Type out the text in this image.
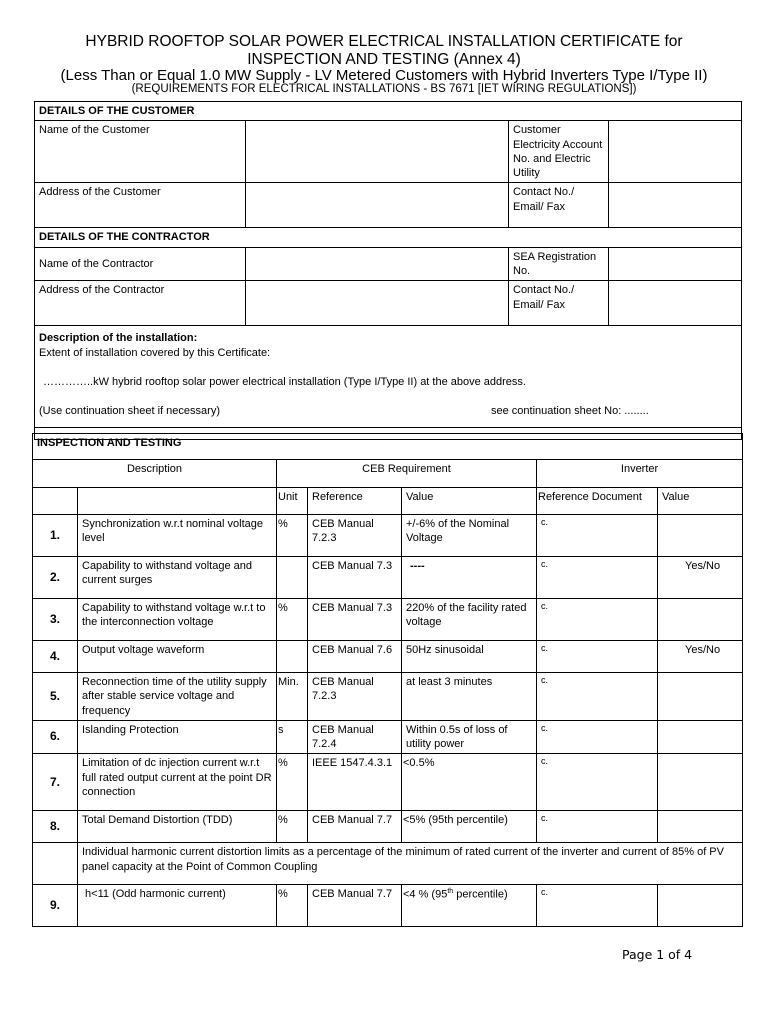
HYBRID ROOFTOP SOLAR POWER ELECTRICAL INSTALLATION CERTIFICATE for
INSPECTION AND TESTING (Annex 4)
(Less Than or Equal 1.0 MW Supply - LV Metered Customers with Hybrid Inverters Type I/Type II)
(REQUIREMENTS FOR ELECTRICAL INSTALLATIONS - BS 7671 [IET WIRING REGULATIONS])
DETAILS OF THE CUSTOMER			
Name of the Customer		Customer Electricity Account No. and Electric Utility	
Address of the Customer		Contact No./ Email/ Fax	
DETAILS OF THE CONTRACTOR			
Name of the Contractor		SEA Registration No.	
Address of the Contractor		Contact No./ Email/ Fax	

Description of the installation:
Extent of installation covered by this Certificate:
…………..kW hybrid rooftop solar power electrical installation (Type I/Type II) at the above address.
(Use continuation sheet if necessary) see continuation sheet No: ........			

INSPECTION AND TESTING						
Description		CEB Requirement			Inverter	
		Unit	Reference	Value	Reference Document	Value
1.	Synchronization w.r.t nominal voltage level	%	CEB Manual 7.2.3	+/-6% of the Nominal Voltage	c.	
2.	Capability to withstand voltage and current surges		CEB Manual 7.3	----	c.	Yes/No
3.	Capability to withstand voltage w.r.t to the interconnection voltage	%	CEB Manual 7.3	220% of the facility rated voltage	c.	
4.	Output voltage waveform		CEB Manual 7.6	50Hz sinusoidal	c.	Yes/No
5.	Reconnection time of the utility supply after stable service voltage and frequency	Min.	CEB Manual 7.2.3	at least 3 minutes	c.	
6.	Islanding Protection	s	CEB Manual 7.2.4	Within 0.5s of loss of utility power	c.	
7.	Limitation of dc injection current w.r.t full rated output current at the point DR connection	%	IEEE 1547.4.3.1	<0.5%	c.	
8.	Total Demand Distortion (TDD)	%	CEB Manual 7.7	<5% (95th percentile)	c.	
	Individual harmonic current distortion limits as a percentage of the minimum of rated current of the inverter and current of 85% of PV panel capacity at the Point of Common Coupling					
9.	h<11 (Odd harmonic current)	%	CEB Manual 7.7	<4 % (95th percentile)	c.	
Page 1 of 4
